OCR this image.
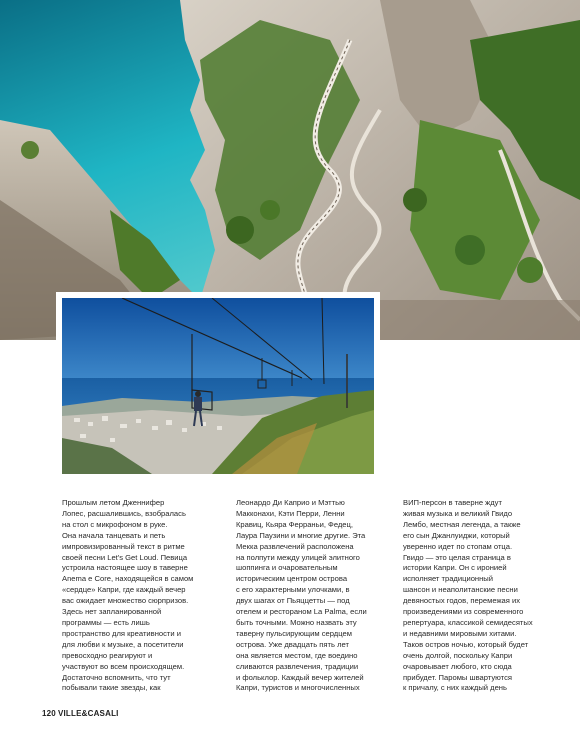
Прошлым летом Дженнифер
Лопес, расшалившись, взобралась
на стол с микрофоном в руке.
Она начала танцевать и петь
импровизированный текст в ритме
своей песни Let's Get Loud. Певица
устроила настоящее шоу в таверне
Anema e Core, находящейся в самом
«сердце» Капри, где каждый вечер
вас ожидает множество сюрпризов.
Здесь нет запланированной
программы — есть лишь
пространство для креативности и
для любви к музыке, а посетители
превосходно реагируют и
участвуют во всем происходящем.
Достаточно вспомнить, что тут
побывали такие звезды, как

Леонардо Ди Каприо и Мэттью
Макконахи, Кэти Перри, Ленни
Кравиц, Кьяра Ферраньи, Федец,
Лаура Паузини и многие другие. Эта
Мекка развлечений расположена
на полпути между улицей элитного
шоппинга и очаровательным
историческим центром острова
с его характерными улочками, в
двух шагах от Пьяццетты — под
отелем и рестораном La Palma, если
быть точными. Можно назвать эту
таверну пульсирующим сердцем
острова. Уже двадцать пять лет
она является местом, где воедино
сливаются развлечения, традиции
и фольклор. Каждый вечер жителей
Капри, туристов и многочисленных

ВИП-персон в таверне ждут
живая музыка и великий Гвидо
Лембо, местная легенда, а также
его сын Джанлуиджи, который
уверенно идет по стопам отца.
Гвидо — это целая страница в
истории Капри. Он с иронией
исполняет традиционный
шансон и неаполитанские песни
девяностых годов, перемежая их
произведениями из современного
репертуара, классикой семидесятых
и недавними мировыми хитами.
Таков остров ночью, который будет
очень долгой, поскольку Капри
очаровывает любого, кто сюда
прибудет. Паромы швартуются
к причалу, с них каждый день

120 VILLE&CASALI
